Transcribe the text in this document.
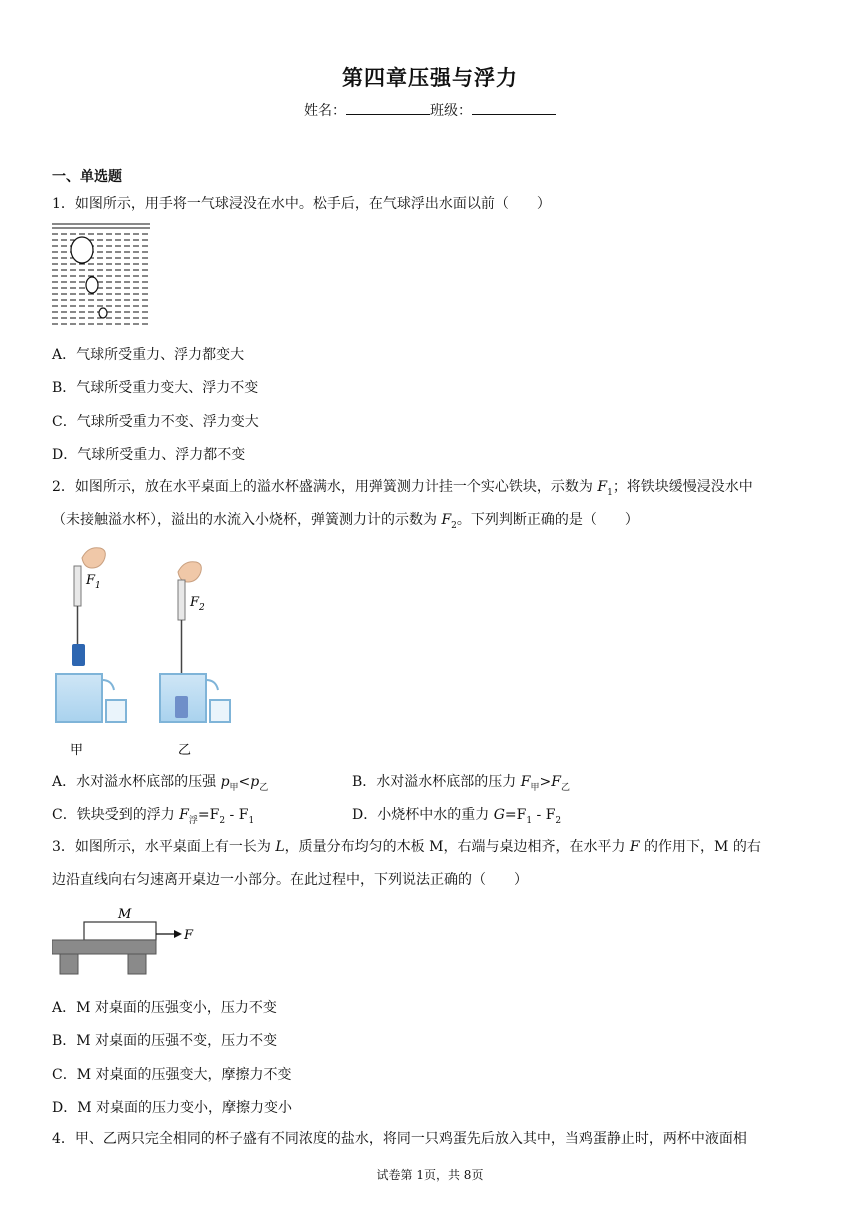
第四章压强与浮力
姓名：	班级：
一、单选题
1．如图所示，用手将一气球浸没在水中。松手后，在气球浮出水面以前（　　）
A．气球所受重力、浮力都变大
B．气球所受重力变大、浮力不变
C．气球所受重力不变、浮力变大
D．气球所受重力、浮力都不变
2．如图所示，放在水平桌面上的溢水杯盛满水，用弹簧测力计挂一个实心铁块，示数为 $F_1$；将铁块缓慢浸没水中
（未接触溢水杯），溢出的水流入小烧杯，弹簧测力计的示数为 $F_2$。下列判断正确的是（　　）
$F_1$
$F_2$
甲	乙
A．水对溢水杯底部的压强 $p_甲<p_乙$	B．水对溢水杯底部的压力 $F_甲>F_乙$
C．铁块受到的浮力 $F_浮=F_2 - F_1$	D．小烧杯中水的重力 $G=F_1 - F_2$
3．如图所示，水平桌面上有一长为 L，质量分布均匀的木板 M，右端与桌边相齐，在水平力 F 的作用下，M 的右
边沿直线向右匀速离开桌边一小部分。在此过程中，下列说法正确的（　　）
M
F
A．M 对桌面的压强变小，压力不变
B．M 对桌面的压强不变，压力不变
C．M 对桌面的压强变大，摩擦力不变
D．M 对桌面的压力变小，摩擦力变小
4．甲、乙两只完全相同的杯子盛有不同浓度的盐水，将同一只鸡蛋先后放入其中，当鸡蛋静止时，两杯中液面相
试卷第 1页，共 8页
